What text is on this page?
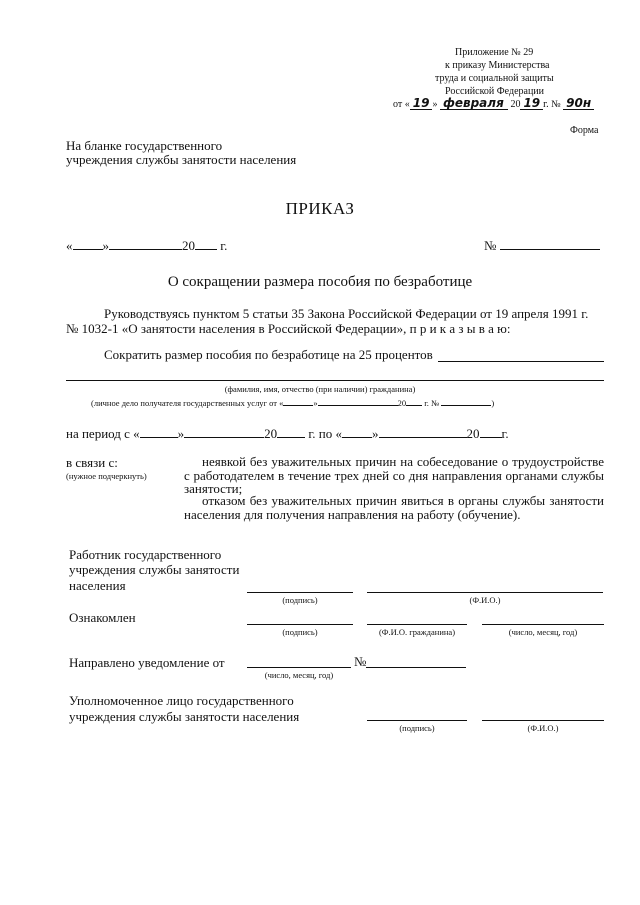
Приложение № 29
к приказу Министерства
труда и социальной защиты
Российской Федерации
от « 19 » февраля 20 19 г. № 90н
Форма
На бланке государственного
учреждения службы занятости населения
ПРИКАЗ
« »	20 г.	№
О сокращении размера пособия по безработице
Руководствуясь пунктом 5 статьи 35 Закона Российской Федерации от 19 апреля 1991 г.
№ 1032-1 «О занятости населения в Российской Федерации», п р и к а з ы в а ю:
Сократить размер пособия по безработице на 25 процентов
(фамилия, имя, отчество (при наличии) гражданина)
(личное дело получателя государственных услуг от «	»	20 г. №	)
на период с «	»	20 г. по « »	20 г.
в связи с:
(нужное подчеркнуть)
неявкой без уважительных причин на собеседование о трудоустройстве с работодателем в течение трех дней со дня направления органами службы занятости;
отказом без уважительных причин явиться в органы службы занятости населения для получения направления на работу (обучение).
Работник государственного
учреждения службы занятости
населения
(подпись)	(Ф.И.О.)
Ознакомлен
(подпись)	(Ф.И.О. гражданина)	(число, месяц, год)
Направлено уведомление от	№
(число, месяц, год)
Уполномоченное лицо государственного
учреждения службы занятости населения
(подпись)	(Ф.И.О.)
